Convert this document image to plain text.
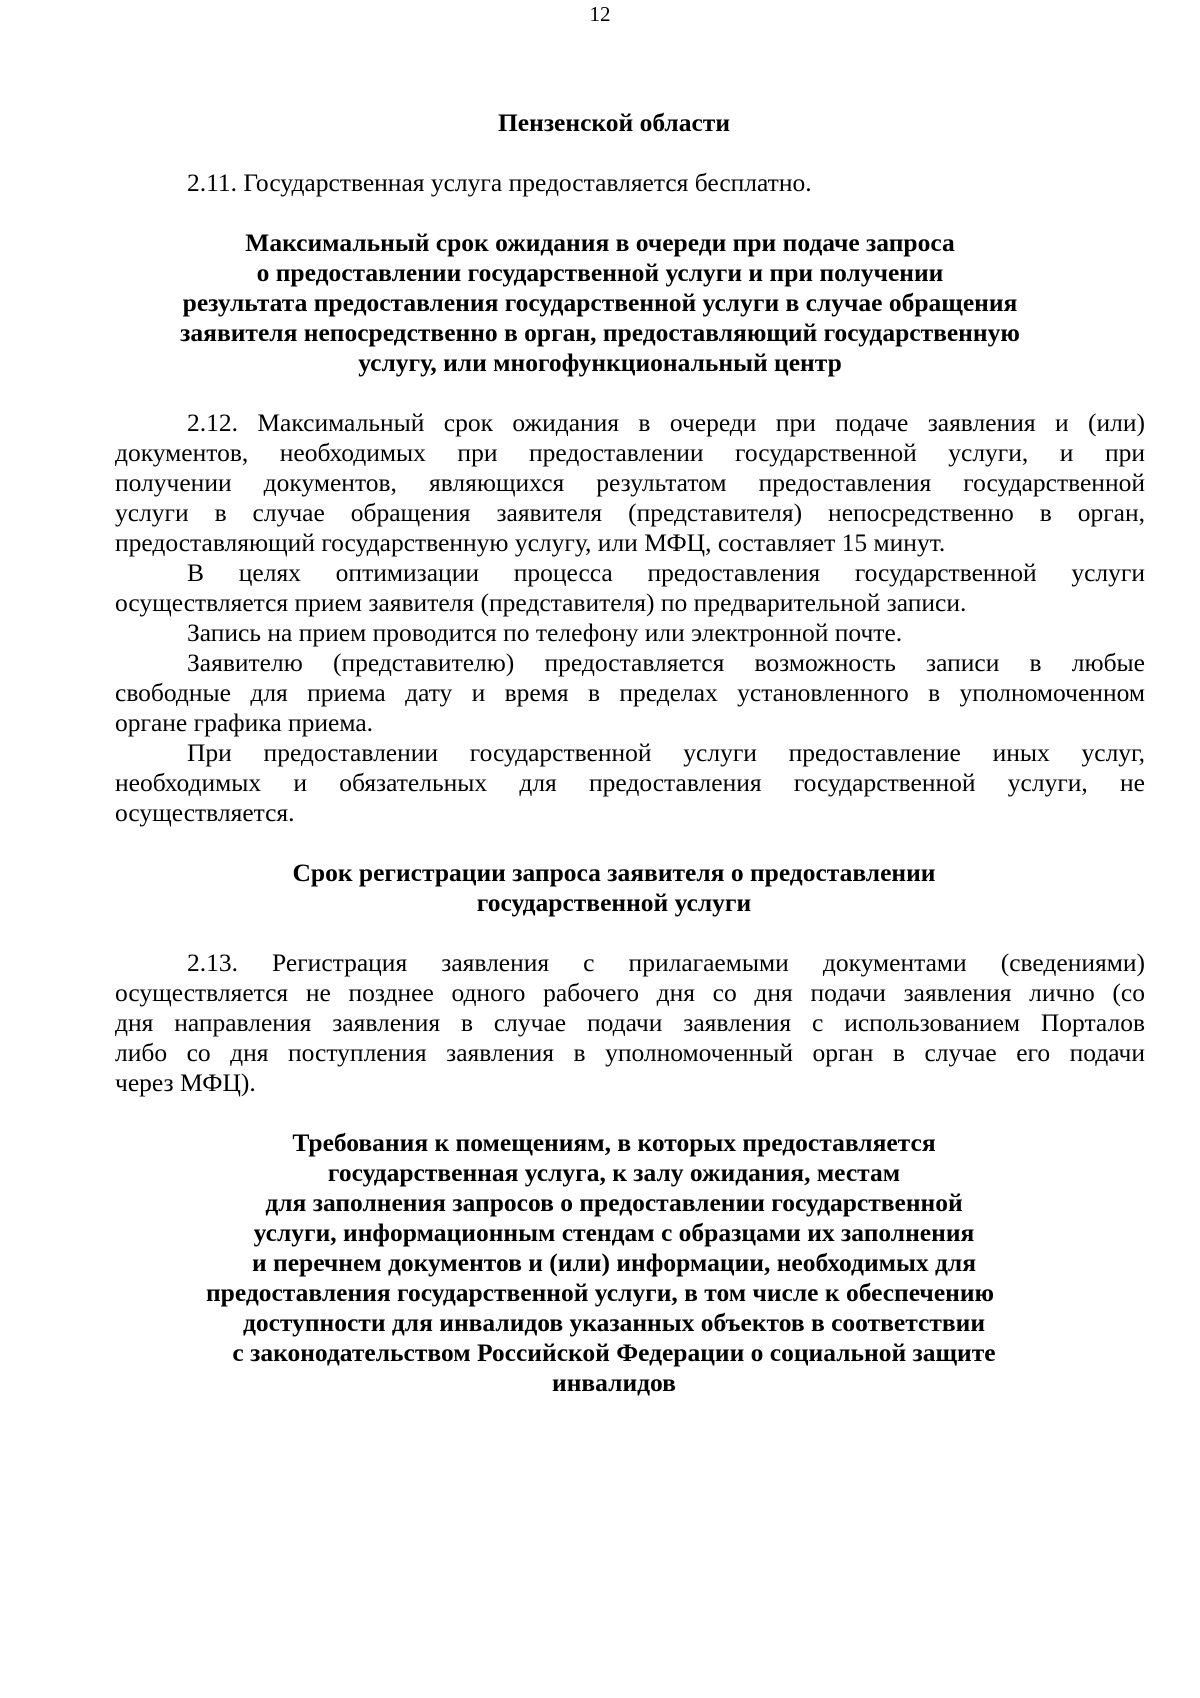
12
Пензенской области
2.11. Государственная услуга предоставляется бесплатно.
Максимальный срок ожидания в очереди при подаче запроса
о предоставлении государственной услуги и при получении
результата предоставления государственной услуги в случае обращения
заявителя непосредственно в орган, предоставляющий государственную
услугу, или многофункциональный центр
2.12. Максимальный срок ожидания в очереди при подаче заявления и (или)
документов, необходимых при предоставлении государственной услуги, и при
получении документов, являющихся результатом предоставления государственной
услуги в случае обращения заявителя (представителя) непосредственно в орган,
предоставляющий государственную услугу, или МФЦ, составляет 15 минут.
В целях оптимизации процесса предоставления государственной услуги
осуществляется прием заявителя (представителя) по предварительной записи.
Запись на прием проводится по телефону или электронной почте.
Заявителю (представителю) предоставляется возможность записи в любые
свободные для приема дату и время в пределах установленного в уполномоченном
органе графика приема.
При предоставлении государственной услуги предоставление иных услуг,
необходимых и обязательных для предоставления государственной услуги, не
осуществляется.
Срок регистрации запроса заявителя о предоставлении
государственной услуги
2.13. Регистрация заявления с прилагаемыми документами (сведениями)
осуществляется не позднее одного рабочего дня со дня подачи заявления лично (со
дня направления заявления в случае подачи заявления с использованием Порталов
либо со дня поступления заявления в уполномоченный орган в случае его подачи
через МФЦ).
Требования к помещениям, в которых предоставляется
государственная услуга, к залу ожидания, местам
для заполнения запросов о предоставлении государственной
услуги, информационным стендам с образцами их заполнения
и перечнем документов и (или) информации, необходимых для
предоставления государственной услуги, в том числе к обеспечению
доступности для инвалидов указанных объектов в соответствии
с законодательством Российской Федерации о социальной защите
инвалидов
